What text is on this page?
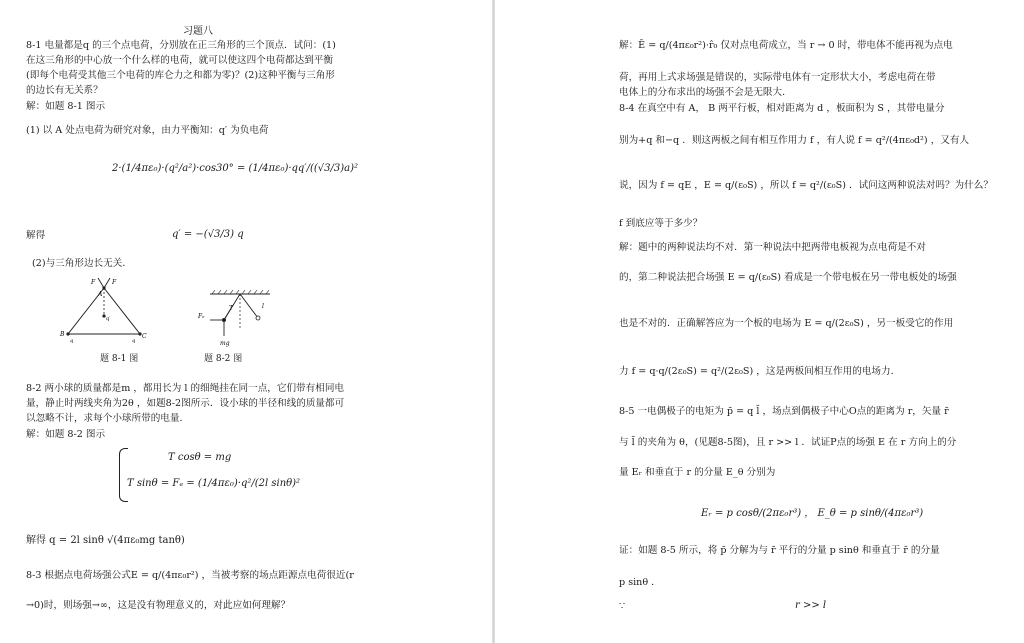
习题八
8-1 电量都是q 的三个点电荷，分别放在正三角形的三个顶点．试问：(1)
在这三角形的中心放一个什么样的电荷，就可以使这四个电荷都达到平衡
(即每个电荷受其他三个电荷的库仑力之和都为零)？(2)这种平衡与三角形
的边长有无关系？
解：如题 8-1 图示
(1) 以 A 处点电荷为研究对象，由力平衡知：q′ 为负电荷
2·(1/4πε₀)·(q²/a²)·cos30° = (1/4πε₀)·qq′/((√3/3)a)²
解得	q′ = −(√3/3) q
(2)与三角形边长无关．
F	F
A
q′
B	C
q	q
Fₑ
T	l
mg
题 8-1 图	题 8-2 图
8-2 两小球的质量都是m ，都用长为 l 的细绳挂在同一点，它们带有相同电
量，静止时两线夹角为2θ ，如题8-2图所示．设小球的半径和线的质量都可
以忽略不计，求每个小球所带的电量．
解：如题 8-2 图示
T cosθ = mg
T sinθ = Fₑ = (1/4πε₀)·q²/(2l sinθ)²
解得 q = 2l sinθ √(4πε₀mg tanθ)
8-3 根据点电荷场强公式E = q/(4πε₀r²) ，当被考察的场点距源点电荷很近(r
→0)时，则场强→∞，这是没有物理意义的，对此应如何理解？
解：Ē = q/(4πε₀r²)·r̂₀ 仅对点电荷成立，当 r → 0 时，带电体不能再视为点电
荷，再用上式求场强是错误的，实际带电体有一定形状大小，考虑电荷在带
电体上的分布求出的场强不会是无限大．
8-4 在真空中有 A， B 两平行板，相对距离为 d ，板面积为 S ，其带电量分
别为+q 和−q ．则这两板之间有相互作用力 f ，有人说 f = q²/(4πε₀d²) ，又有人
说，因为 f = qE ，E = q/(ε₀S) ，所以 f = q²/(ε₀S) ．试问这两种说法对吗？为什么？
f 到底应等于多少？
解：题中的两种说法均不对．第一种说法中把两带电板视为点电荷是不对
的，第二种说法把合场强 E = q/(ε₀S) 看成是一个带电板在另一带电板处的场强
也是不对的．正确解答应为一个板的电场为 E = q/(2ε₀S) ，另一板受它的作用
力 f = q·q/(2ε₀S) = q²/(2ε₀S) ，这是两板间相互作用的电场力．
8-5 一电偶极子的电矩为 p̄ = q l̄ ，场点到偶极子中心O点的距离为 r，矢量 r̄
与 l̄ 的夹角为 θ，(见题8-5图)，且 r >> l ．试证P点的场强 E 在 r 方向上的分
量 Eᵣ 和垂直于 r 的分量 E_θ 分别为
Eᵣ = p cosθ/(2πε₀r³) ， E_θ = p sinθ/(4πε₀r³)
证：如题 8-5 所示，将 p̄ 分解为与 r̄ 平行的分量 p sinθ 和垂直于 r̄ 的分量
p sinθ ．
∵	r >> l
